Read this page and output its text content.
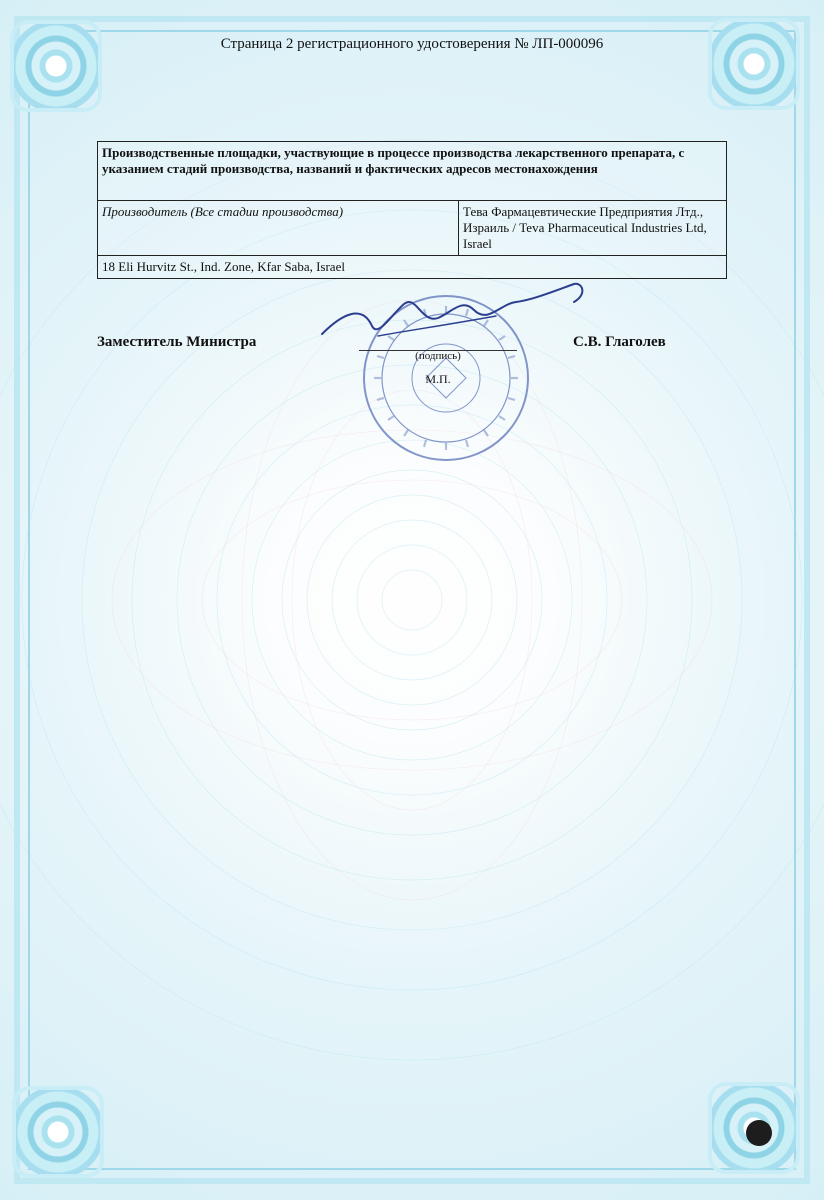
Страница 2 регистрационного удостоверения № ЛП-000096
Производственные площадки, участвующие в процессе производства лекарственного препарата, с указанием стадий производства, названий и фактических адресов местонахождения
Производитель (Все стадии производства)	Тева Фармацевтические Предприятия Лтд., Израиль / Teva Pharmaceutical Industries Ltd, Israel
18 Eli Hurvitz St., Ind. Zone, Kfar Saba, Israel
Заместитель Министра
(подпись)
М.П.
С.В. Глаголев
